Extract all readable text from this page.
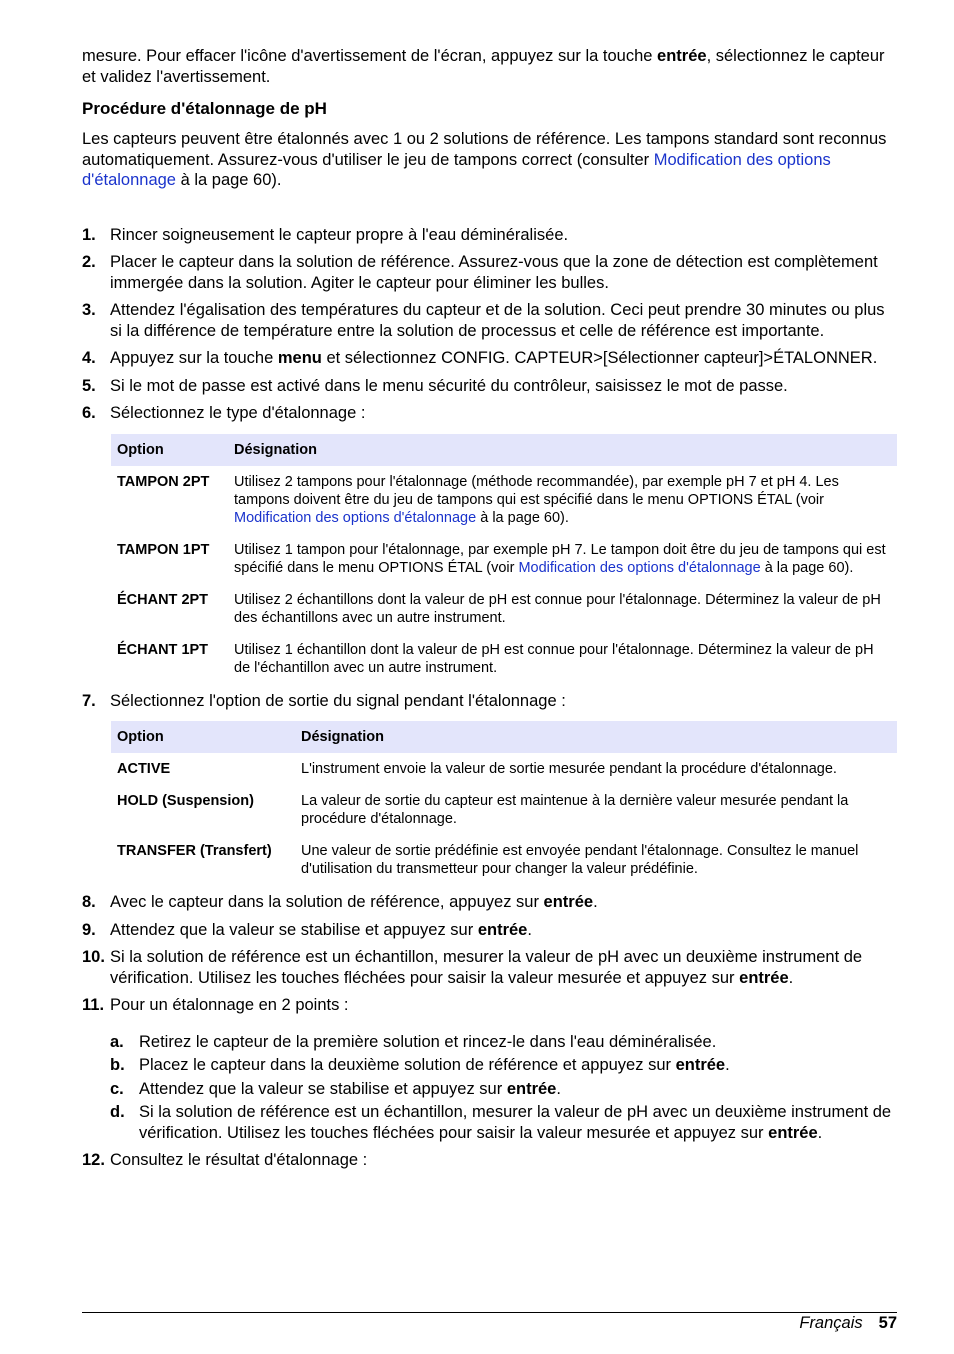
mesure. Pour effacer l'icône d'avertissement de l'écran, appuyez sur la touche entrée, sélectionnez le capteur et validez l'avertissement.

Procédure d'étalonnage de pH

Les capteurs peuvent être étalonnés avec 1 ou 2 solutions de référence. Les tampons standard sont reconnus automatiquement. Assurez-vous d'utiliser le jeu de tampons correct (consulter Modification des options d'étalonnage à la page 60).

1. Rincer soigneusement le capteur propre à l'eau déminéralisée.
2. Placer le capteur dans la solution de référence. Assurez-vous que la zone de détection est complètement immergée dans la solution. Agiter le capteur pour éliminer les bulles.
3. Attendez l'égalisation des températures du capteur et de la solution. Ceci peut prendre 30 minutes ou plus si la différence de température entre la solution de processus et celle de référence est importante.
4. Appuyez sur la touche menu et sélectionnez CONFIG. CAPTEUR>[Sélectionner capteur]>ÉTALONNER.
5. Si le mot de passe est activé dans le menu sécurité du contrôleur, saisissez le mot de passe.
6. Sélectionnez le type d'étalonnage :
Option	Désignation
TAMPON 2PT	Utilisez 2 tampons pour l'étalonnage (méthode recommandée), par exemple pH 7 et pH 4. Les tampons doivent être du jeu de tampons qui est spécifié dans le menu OPTIONS ÉTAL (voir Modification des options d'étalonnage à la page 60).
TAMPON 1PT	Utilisez 1 tampon pour l'étalonnage, par exemple pH 7. Le tampon doit être du jeu de tampons qui est spécifié dans le menu OPTIONS ÉTAL (voir Modification des options d'étalonnage à la page 60).
ÉCHANT 2PT	Utilisez 2 échantillons dont la valeur de pH est connue pour l'étalonnage. Déterminez la valeur de pH des échantillons avec un autre instrument.
ÉCHANT 1PT	Utilisez 1 échantillon dont la valeur de pH est connue pour l'étalonnage. Déterminez la valeur de pH de l'échantillon avec un autre instrument.
7. Sélectionnez l'option de sortie du signal pendant l'étalonnage :
Option	Désignation
ACTIVE	L'instrument envoie la valeur de sortie mesurée pendant la procédure d'étalonnage.
HOLD (Suspension)	La valeur de sortie du capteur est maintenue à la dernière valeur mesurée pendant la procédure d'étalonnage.
TRANSFER (Transfert)	Une valeur de sortie prédéfinie est envoyée pendant l'étalonnage. Consultez le manuel d'utilisation du transmetteur pour changer la valeur prédéfinie.
8. Avec le capteur dans la solution de référence, appuyez sur entrée.
9. Attendez que la valeur se stabilise et appuyez sur entrée.
10. Si la solution de référence est un échantillon, mesurer la valeur de pH avec un deuxième instrument de vérification. Utilisez les touches fléchées pour saisir la valeur mesurée et appuyez sur entrée.
11. Pour un étalonnage en 2 points :
a. Retirez le capteur de la première solution et rincez-le dans l'eau déminéralisée.
b. Placez le capteur dans la deuxième solution de référence et appuyez sur entrée.
c. Attendez que la valeur se stabilise et appuyez sur entrée.
d. Si la solution de référence est un échantillon, mesurer la valeur de pH avec un deuxième instrument de vérification. Utilisez les touches fléchées pour saisir la valeur mesurée et appuyez sur entrée.
12. Consultez le résultat d'étalonnage :
Français 57
